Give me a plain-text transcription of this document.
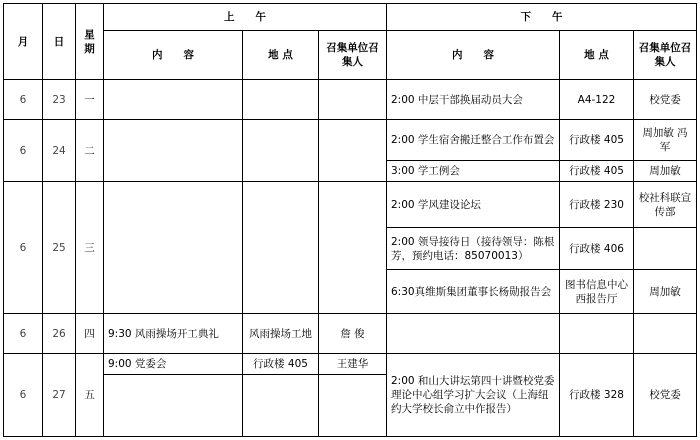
月	日	星期	上　　午			下　　午		
			内　　容	地 点	召集单位召集人	内　　容	地 点	召集单位召集人
6	23	一				2:00 中层干部换届动员大会	A4-122	校党委
6	24	二				2:00 学生宿舍搬迁整合工作布置会	行政楼 405	周加敏 冯 军
						3:00 学工例会	行政楼 405	周加敏
6	25	三				2:00 学风建设论坛	行政楼 230	校社科联宣传部
						2:00 领导接待日（接待领导：陈根芳，预约电话：85070013）	行政楼 406	
						6:30真维斯集团董事长杨勋报告会	图书信息中心西报告厅	周加敏
6	26	四	9:30 风雨操场开工典礼	风雨操场工地	詹 俊			
6	27	五	9:00 党委会	行政楼 405	王建华	2:00 和山大讲坛第四十讲暨校党委理论中心组学习扩大会议（上海纽约大学校长俞立中作报告）	行政楼 328	校党委
